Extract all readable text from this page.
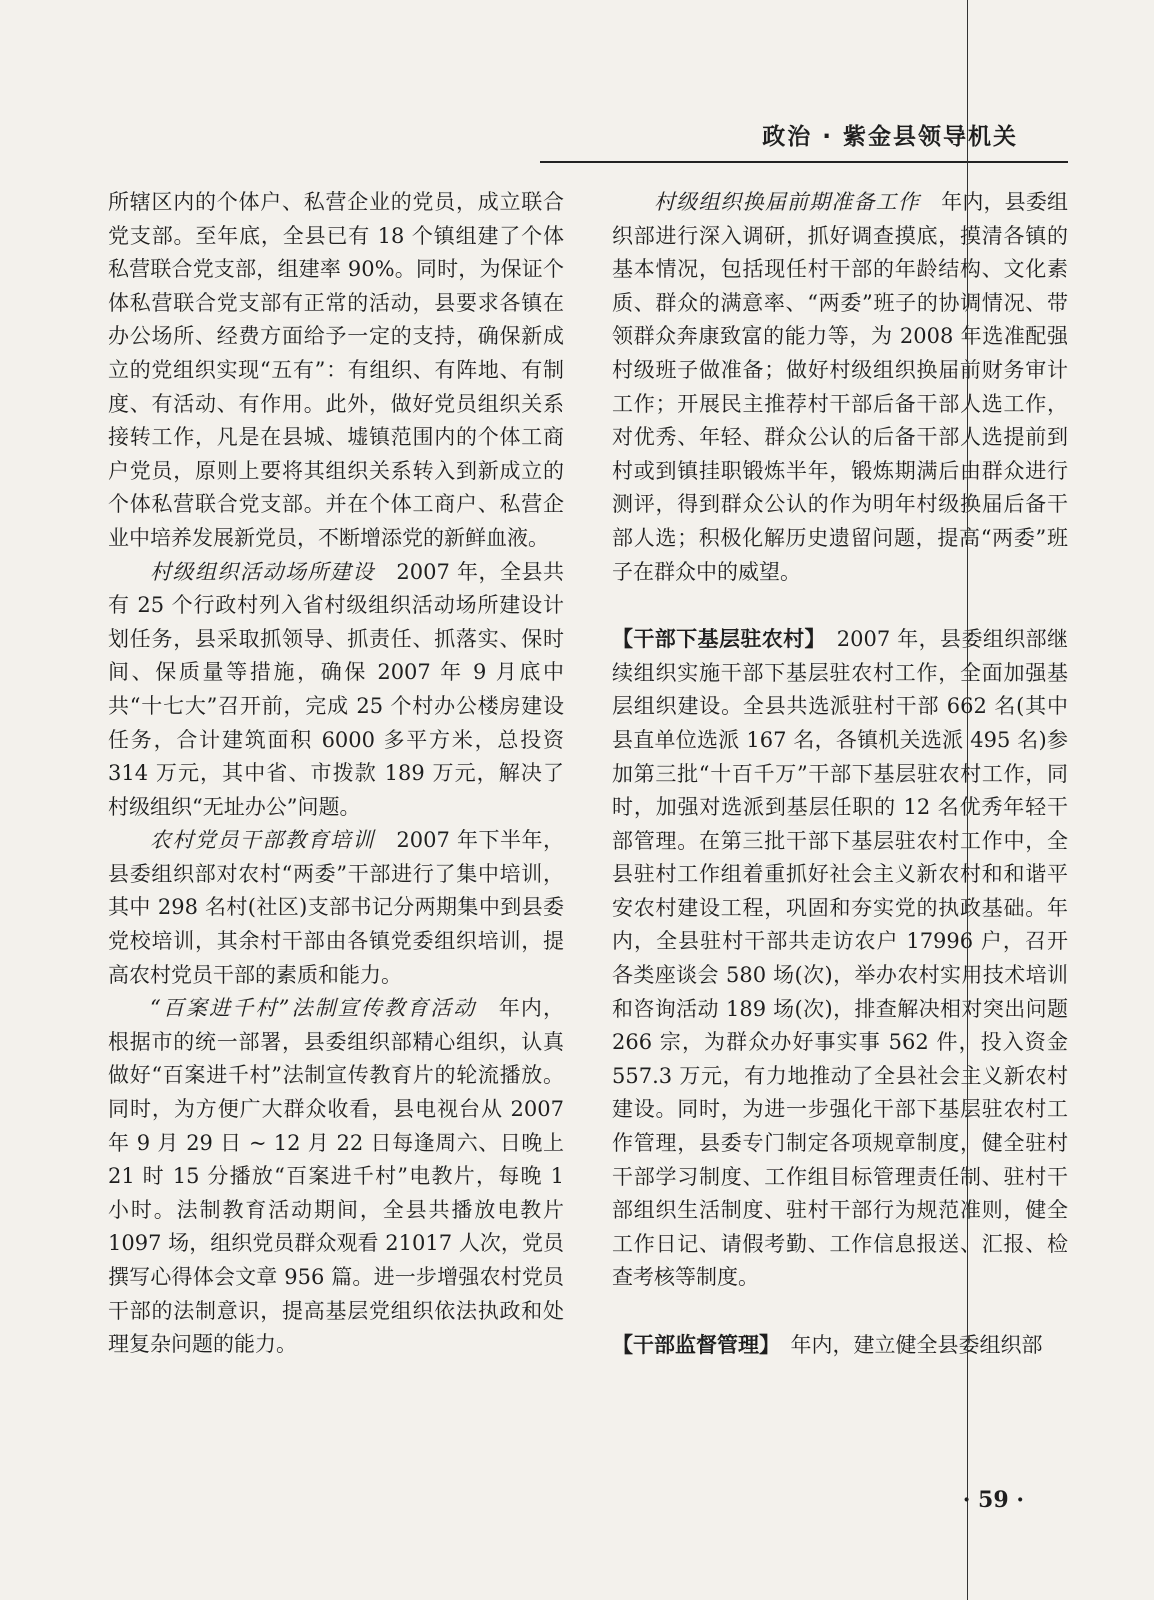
政治 · 紫金县领导机关

所辖区内的个体户、私营企业的党员，成立联合党支部。至年底，全县已有 18 个镇组建了个体私营联合党支部，组建率 90%。同时，为保证个体私营联合党支部有正常的活动，县要求各镇在办公场所、经费方面给予一定的支持，确保新成立的党组织实现“五有”：有组织、有阵地、有制度、有活动、有作用。此外，做好党员组织关系接转工作，凡是在县城、墟镇范围内的个体工商户党员，原则上要将其组织关系转入到新成立的个体私营联合党支部。并在个体工商户、私营企业中培养发展新党员，不断增添党的新鲜血液。

村级组织活动场所建设　2007 年，全县共有 25 个行政村列入省村级组织活动场所建设计划任务，县采取抓领导、抓责任、抓落实、保时间、保质量等措施，确保 2007 年 9 月底中共“十七大”召开前，完成 25 个村办公楼房建设任务，合计建筑面积 6000 多平方米，总投资 314 万元，其中省、市拨款 189 万元，解决了村级组织“无址办公”问题。

农村党员干部教育培训　2007 年下半年，县委组织部对农村“两委”干部进行了集中培训，其中 298 名村(社区)支部书记分两期集中到县委党校培训，其余村干部由各镇党委组织培训，提高农村党员干部的素质和能力。

“百案进千村”法制宣传教育活动　年内，根据市的统一部署，县委组织部精心组织，认真做好“百案进千村”法制宣传教育片的轮流播放。同时，为方便广大群众收看，县电视台从 2007 年 9 月 29 日 ~ 12 月 22 日每逢周六、日晚上 21 时 15 分播放“百案进千村”电教片，每晚 1 小时。法制教育活动期间，全县共播放电教片 1097 场，组织党员群众观看 21017 人次，党员撰写心得体会文章 956 篇。进一步增强农村党员干部的法制意识，提高基层党组织依法执政和处理复杂问题的能力。

村级组织换届前期准备工作　年内，县委组织部进行深入调研，抓好调查摸底，摸清各镇的基本情况，包括现任村干部的年龄结构、文化素质、群众的满意率、“两委”班子的协调情况、带领群众奔康致富的能力等，为 2008 年选准配强村级班子做准备；做好村级组织换届前财务审计工作；开展民主推荐村干部后备干部人选工作，对优秀、年轻、群众公认的后备干部人选提前到村或到镇挂职锻炼半年，锻炼期满后由群众进行测评，得到群众公认的作为明年村级换届后备干部人选；积极化解历史遗留问题，提高“两委”班子在群众中的威望。

【干部下基层驻农村】　2007 年，县委组织部继续组织实施干部下基层驻农村工作，全面加强基层组织建设。全县共选派驻村干部 662 名(其中县直单位选派 167 名，各镇机关选派 495 名)参加第三批“十百千万”干部下基层驻农村工作，同时，加强对选派到基层任职的 12 名优秀年轻干部管理。在第三批干部下基层驻农村工作中，全县驻村工作组着重抓好社会主义新农村和和谐平安农村建设工程，巩固和夯实党的执政基础。年内，全县驻村干部共走访农户 17996 户，召开各类座谈会 580 场(次)，举办农村实用技术培训和咨询活动 189 场(次)，排查解决相对突出问题 266 宗，为群众办好事实事 562 件，投入资金 557.3 万元，有力地推动了全县社会主义新农村建设。同时，为进一步强化干部下基层驻农村工作管理，县委专门制定各项规章制度，健全驻村干部学习制度、工作组目标管理责任制、驻村干部组织生活制度、驻村干部行为规范准则，健全工作日记、请假考勤、工作信息报送、汇报、检查考核等制度。

【干部监督管理】　年内，建立健全县委组织部

· 59 ·
